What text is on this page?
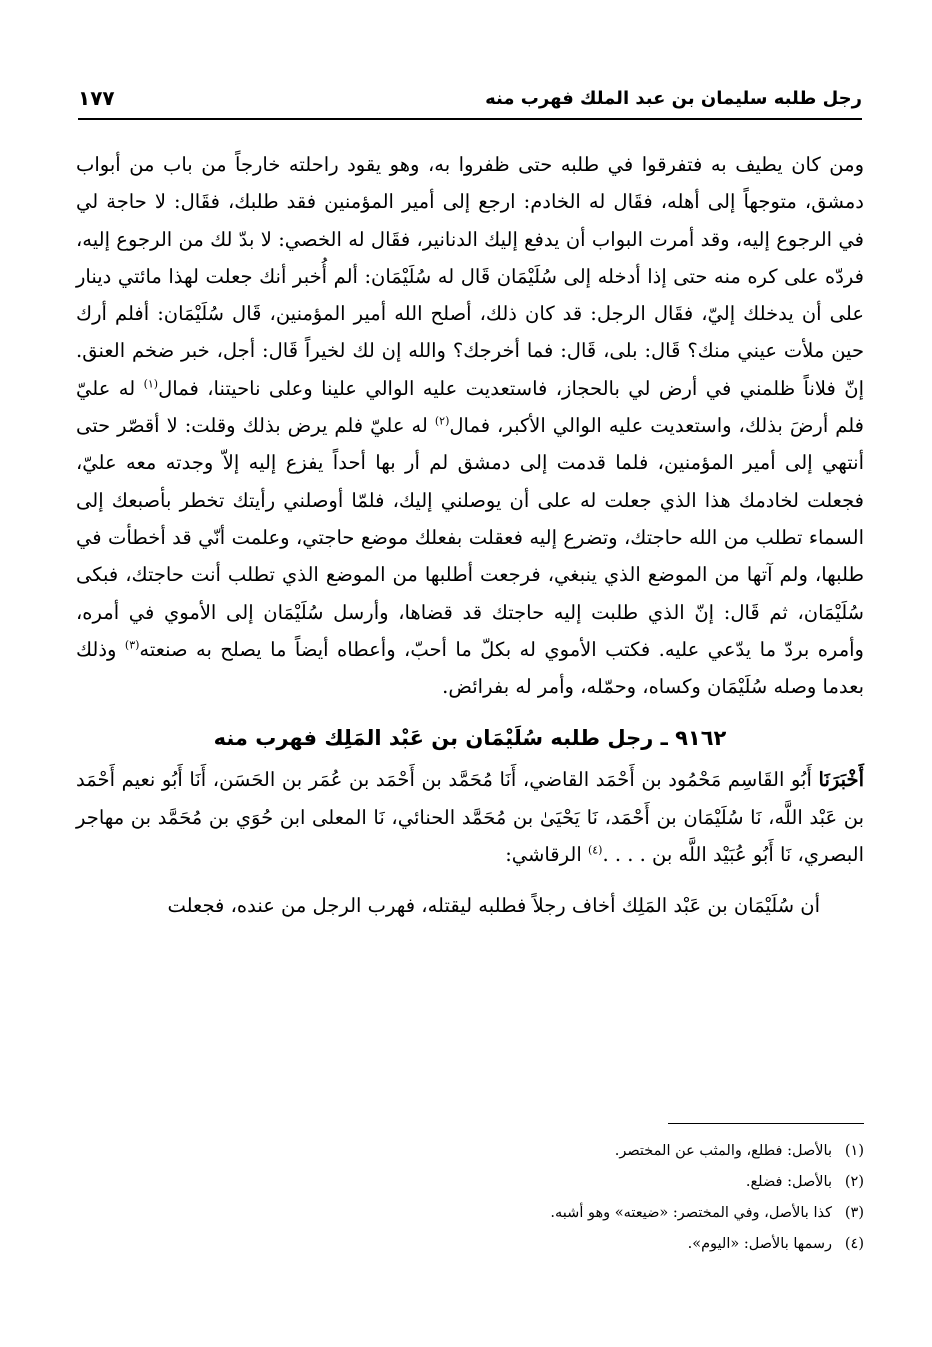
رجل طلبه سليمان بن عبد الملك فهرب منه
١٧٧

ومن كان يطيف به فتفرقوا في طلبه حتى ظفروا به، وهو يقود راحلته خارجاً من باب من أبواب دمشق، متوجهاً إلى أهله، فقَال له الخادم: ارجع إلى أمير المؤمنين فقد طلبك، فقَال: لا حاجة لي في الرجوع إليه، وقد أمرت البواب أن يدفع إليك الدنانير، فقَال له الخصي: لا بدّ لك من الرجوع إليه، فردّه على كره منه حتى إذا أدخله إلى سُلَيْمَان قَال له سُلَيْمَان: ألم أُخبر أنك جعلت لهذا مائتي دينار على أن يدخلك إليّ، فقَال الرجل: قد كان ذلك، أصلح الله أمير المؤمنين، قَال سُلَيْمَان: أفلم أرك حين ملأت عيني منك؟ قَال: بلى، قَال: فما أخرجك؟ والله إن لك لخيراً قَال: أجل، خبر ضخم العنق. إنّ فلاناً ظلمني في أرض لي بالحجاز، فاستعديت عليه الوالي علينا وعلى ناحيتنا، فمال$^{(١)}$ له عليّ فلم أرضَ بذلك، واستعديت عليه الوالي الأكبر، فمال$^{(٢)}$ له عليّ فلم يرض بذلك وقلت: لا أقصّر حتى أنتهي إلى أمير المؤمنين، فلما قدمت إلى دمشق لم أر بها أحداً يفزع إليه إلاّ وجدته معه عليّ، فجعلت لخادمك هذا الذي جعلت له على أن يوصلني إليك، فلمّا أوصلني رأيتك تخطر بأصبعك إلى السماء تطلب من الله حاجتك، وتضرع إليه فعقلت بفعلك موضع حاجتي، وعلمت أنّي قد أخطأت في طلبها، ولم آتها من الموضع الذي ينبغي، فرجعت أطلبها من الموضع الذي تطلب أنت حاجتك، فبكى سُلَيْمَان، ثم قَال: إنّ الذي طلبت إليه حاجتك قد قضاها، وأرسل سُلَيْمَان إلى الأموي في أمره، وأمره بردّ ما يدّعي عليه. فكتب الأموي له بكلّ ما أحبّ، وأعطاه أيضاً ما يصلح به صنعته$^{(٣)}$ وذلك بعدما وصله سُلَيْمَان وكساه، وحمّله، وأمر له بفرائض.

٩١٦٢ ـ رجل طلبه سُلَيْمَان بن عَبْد المَلِك فهرب منه

أَخْبَرَنَا أَبُو القَاسِم مَحْمُود بن أَحْمَد القاضي، أَنَا مُحَمَّد بن أَحْمَد بن عُمَر بن الحَسَن، أَنَا أَبُو نعيم أَحْمَد بن عَبْد اللَّه، نَا سُلَيْمَان بن أَحْمَد، نَا يَحْيَىٰ بن مُحَمَّد الحنائي، نَا المعلى ابن حُوَي بن مُحَمَّد بن مهاجر البصري، نَا أَبُو عُبَيْد اللَّه بن . . . .$^{(٤)}$ الرقاشي:

أن سُلَيْمَان بن عَبْد المَلِك أخاف رجلاً فطلبه ليقتله، فهرب الرجل من عنده، فجعلت

(١)بالأصل: فطلع، والمثب عن المختصر.
(٢)بالأصل: فضلع.
(٣)كذا بالأصل، وفي المختصر: «ضيعته» وهو أشبه.
(٤)رسمها بالأصل: «اليوم».
